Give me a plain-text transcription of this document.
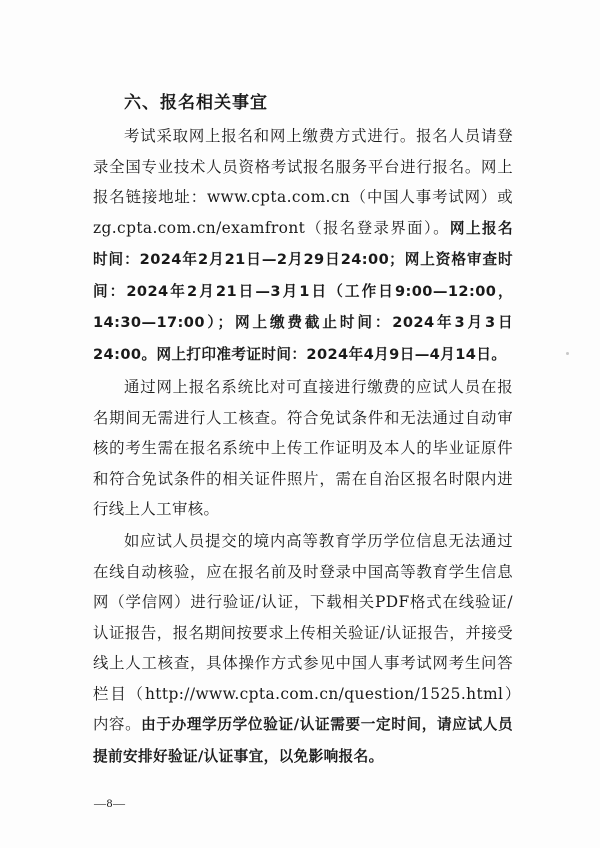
六、报名相关事宜

考试采取网上报名和网上缴费方式进行。报名人员请登录全国专业技术人员资格考试报名服务平台进行报名。网上报名链接地址：www.cpta.com.cn（中国人事考试网）或zg.cpta.com.cn/examfront（报名登录界面）。网上报名时间：2024年2月21日—2月29日24:00；网上资格审查时间：2024年2月21日—3月1日（工作日9:00—12:00，14:30—17:00）；网上缴费截止时间：2024年3月3日24:00。网上打印准考证时间：2024年4月9日—4月14日。

通过网上报名系统比对可直接进行缴费的应试人员在报名期间无需进行人工核查。符合免试条件和无法通过自动审核的考生需在报名系统中上传工作证明及本人的毕业证原件和符合免试条件的相关证件照片，需在自治区报名时限内进行线上人工审核。

如应试人员提交的境内高等教育学历学位信息无法通过在线自动核验，应在报名前及时登录中国高等教育学生信息网（学信网）进行验证/认证，下载相关PDF格式在线验证/认证报告，报名期间按要求上传相关验证/认证报告，并接受线上人工核查，具体操作方式参见中国人事考试网考生问答栏目（http://www.cpta.com.cn/question/1525.html）内容。由于办理学历学位验证/认证需要一定时间，请应试人员提前安排好验证/认证事宜，以免影响报名。

—8—
